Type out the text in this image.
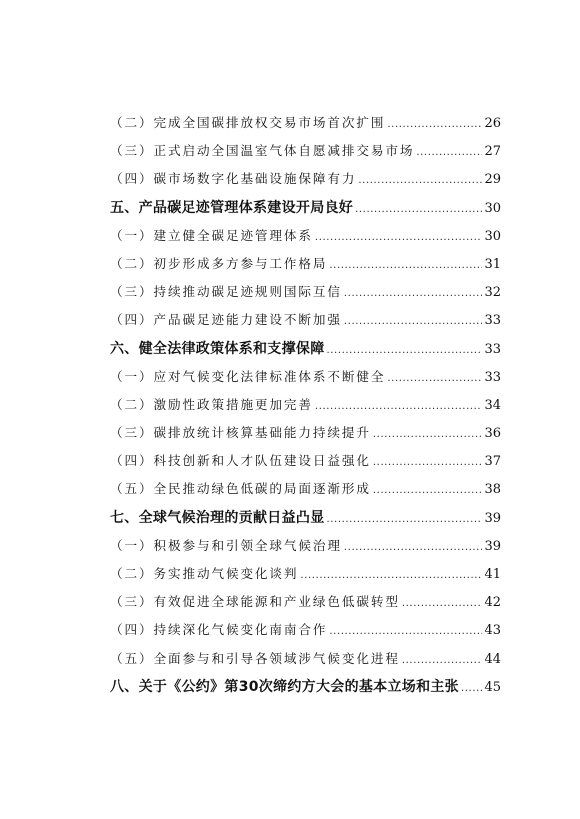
（二）完成全国碳排放权交易市场首次扩围 .....	26
（三）正式启动全国温室气体自愿减排交易市场 .....	27
（四）碳市场数字化基础设施保障有力 .....	29
五、产品碳足迹管理体系建设开局良好 .....	30
（一）建立健全碳足迹管理体系 .....	30
（二）初步形成多方参与工作格局 .....	31
（三）持续推动碳足迹规则国际互信 .....	32
（四）产品碳足迹能力建设不断加强 .....	33
六、健全法律政策体系和支撑保障 .....	33
（一）应对气候变化法律标准体系不断健全 .....	33
（二）激励性政策措施更加完善 .....	34
（三）碳排放统计核算基础能力持续提升 .....	36
（四）科技创新和人才队伍建设日益强化 .....	37
（五）全民推动绿色低碳的局面逐渐形成 .....	38
七、全球气候治理的贡献日益凸显 .....	39
（一）积极参与和引领全球气候治理 .....	39
（二）务实推动气候变化谈判 .....	41
（三）有效促进全球能源和产业绿色低碳转型 .....	42
（四）持续深化气候变化南南合作 .....	43
（五）全面参与和引导各领域涉气候变化进程 .....	44
八、关于《公约》第30次缔约方大会的基本立场和主张 ..... 45
